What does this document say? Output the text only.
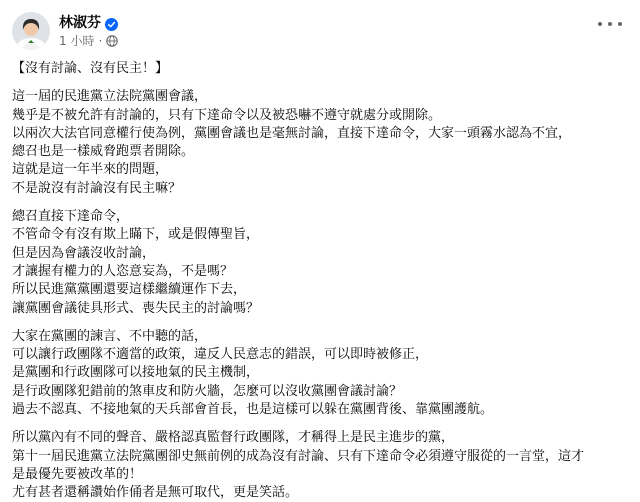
林淑芬
1 小時 ·

【沒有討論、沒有民主！】

這一屆的民進黨立法院黨團會議，

幾乎是不被允許有討論的，只有下達命令以及被恐嚇不遵守就處分或開除。

以兩次大法官同意權行使為例，黨團會議也是毫無討論，直接下達命令，大家一頭霧水認為不宜，

總召也是一樣威脅跑票者開除。

這就是這一年半來的問題，

不是說沒有討論沒有民主嘛？

總召直接下達命令，

不管命令有沒有欺上瞞下，或是假傳聖旨，

但是因為會議沒收討論，

才讓握有權力的人恣意妄為，不是嗎？

所以民進黨黨團還要這樣繼續運作下去，

讓黨團會議徒具形式、喪失民主的討論嗎？

大家在黨團的諫言、不中聽的話，

可以讓行政團隊不適當的政策，違反人民意志的錯誤，可以即時被修正，

是黨團和行政團隊可以接地氣的民主機制，

是行政團隊犯錯前的煞車皮和防火牆，怎麼可以沒收黨團會議討論？

過去不認真、不接地氣的天兵部會首長，也是這樣可以躲在黨團背後、靠黨團護航。

所以黨內有不同的聲音、嚴格認真監督行政團隊，才稱得上是民主進步的黨，

第十一屆民進黨立法院黨團卻史無前例的成為沒有討論、只有下達命令必須遵守服從的一言堂，這才

是最優先要被改革的！

尤有甚者還稱讚始作俑者是無可取代，更是笑話。
